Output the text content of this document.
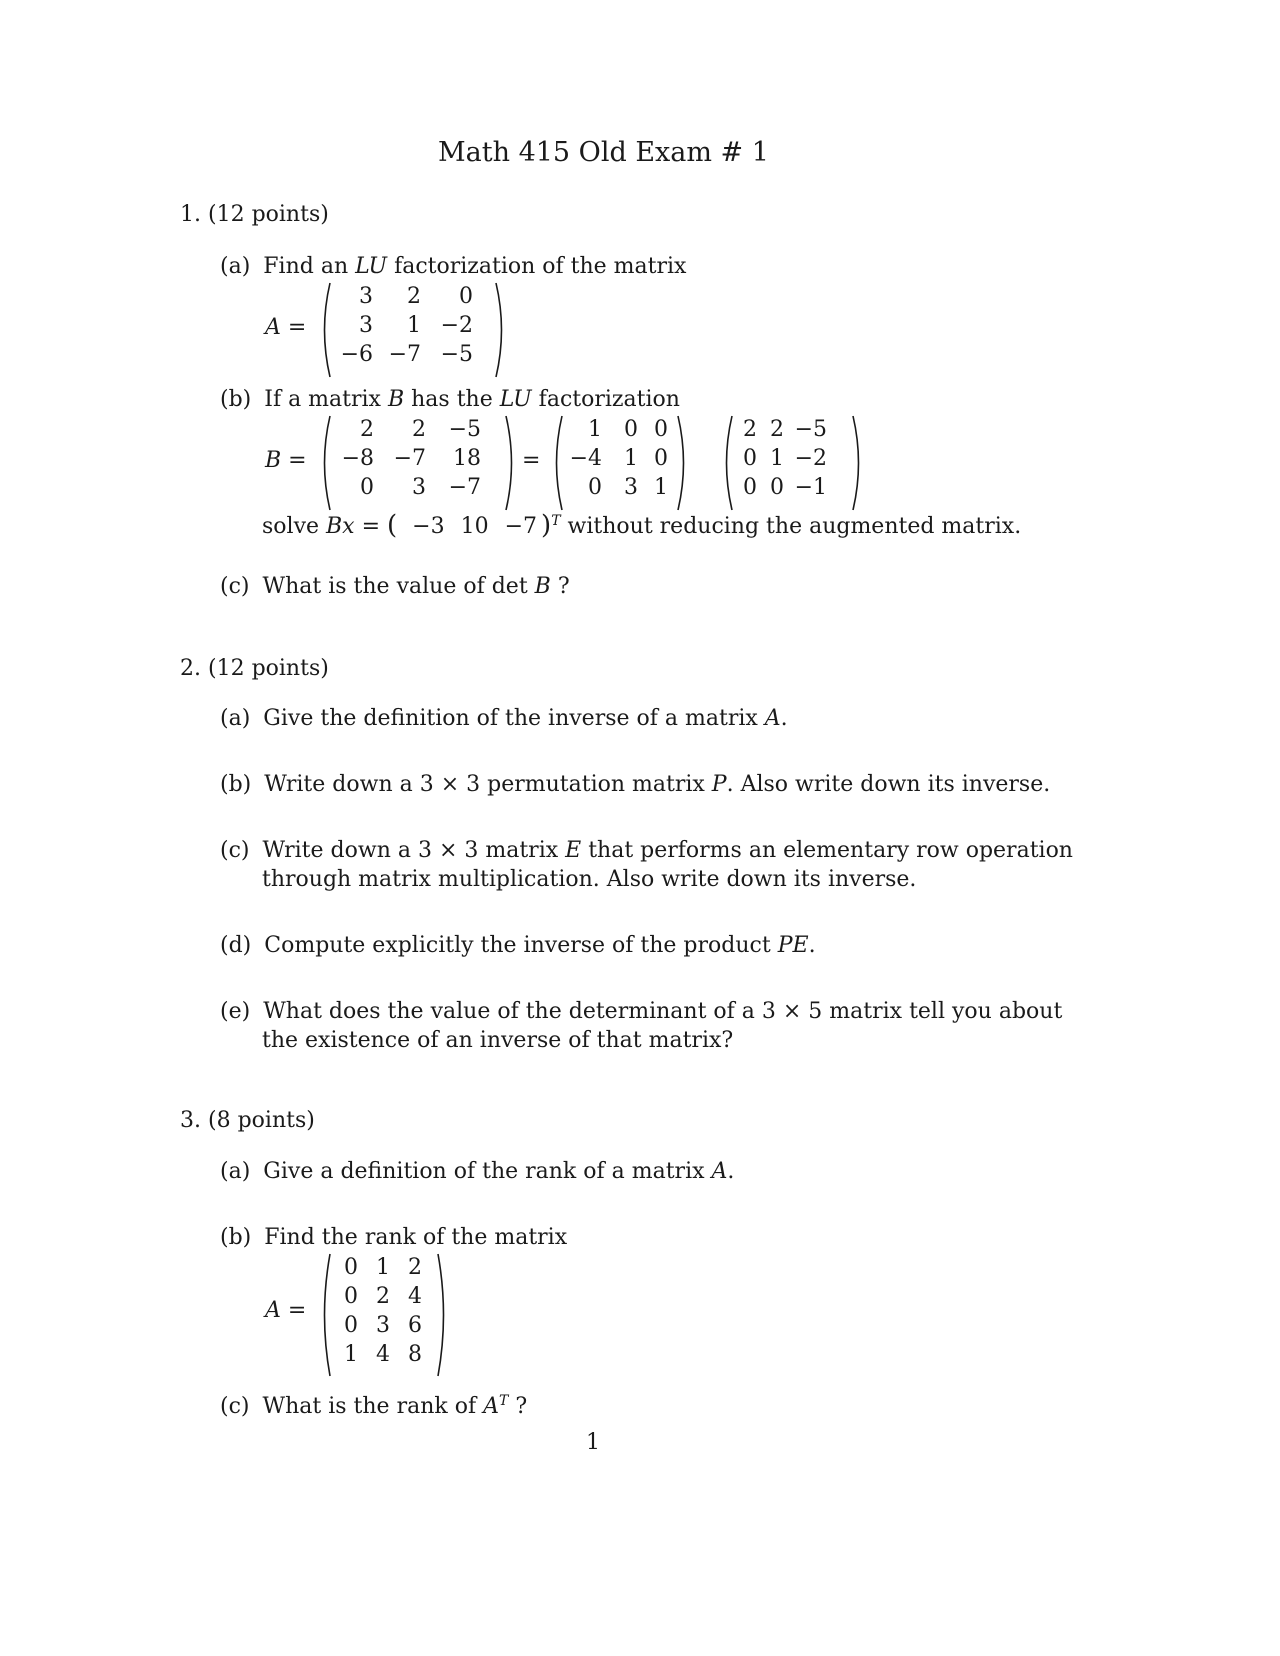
Math 415 Old Exam # 1
1. (12 points)
(a) Find an LU factorization of the matrix
A =
3 2 0
3 1 −2
−6 −7 −5
(b) If a matrix B has the LU factorization
B =
2 2 −5
−8 −7 18
0 3 −7
=
1 0 0
−4 1 0
0 3 1
2 2 −5
0 1 −2
0 0 −1
solve Bx = ( −3 10 −7 )$^T$ without reducing the augmented matrix.
(c) What is the value of det B ?
2. (12 points)
(a) Give the definition of the inverse of a matrix A.
(b) Write down a 3 × 3 permutation matrix P. Also write down its inverse.
(c) Write down a 3 × 3 matrix E that performs an elementary row operation
through matrix multiplication. Also write down its inverse.
(d) Compute explicitly the inverse of the product PE.
(e) What does the value of the determinant of a 3 × 5 matrix tell you about
the existence of an inverse of that matrix?
3. (8 points)
(a) Give a definition of the rank of a matrix A.
(b) Find the rank of the matrix
A =
0 1 2
0 2 4
0 3 6
1 4 8
(c) What is the rank of $A^T$ ?
1
